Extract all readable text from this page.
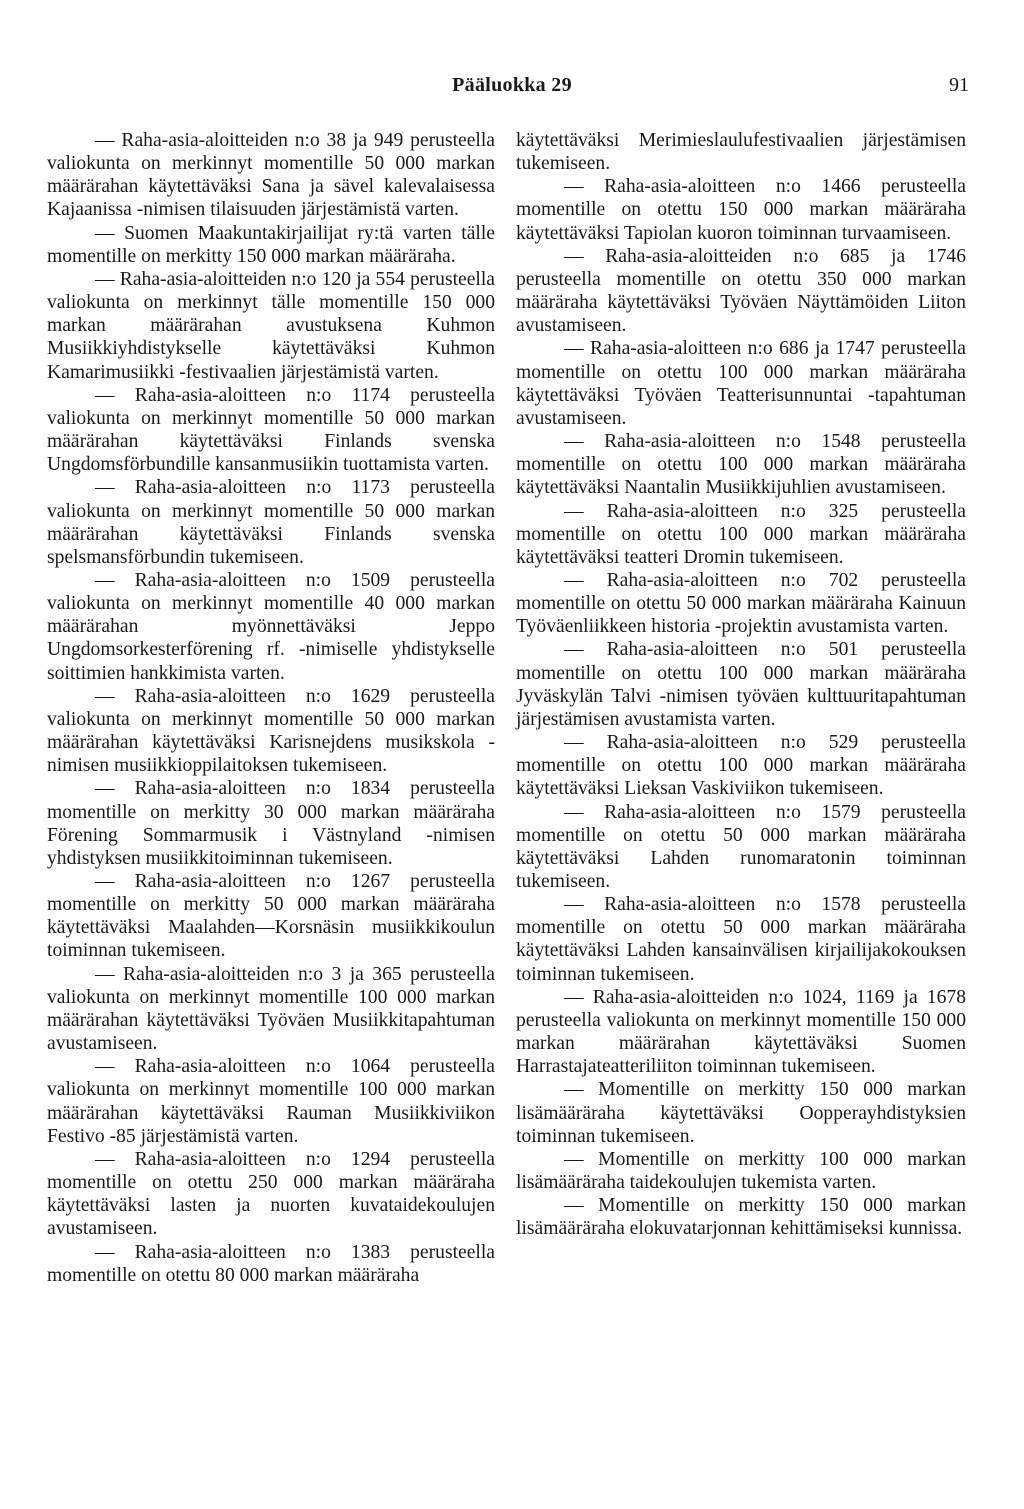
Pääluokka 29	91

— Raha-asia-aloitteiden n:o 38 ja 949 perusteella valiokunta on merkinnyt momentille 50 000 markan määrärahan käytettäväksi Sana ja sävel kalevalaisessa Kajaanissa -nimisen tilaisuuden järjestämistä varten.

— Suomen Maakuntakirjailijat ry:tä varten tälle momentille on merkitty 150 000 markan määräraha.

— Raha-asia-aloitteiden n:o 120 ja 554 perusteella valiokunta on merkinnyt tälle momentille 150 000 markan määrärahan avustuksena Kuhmon Musiikkiyhdistykselle käytettäväksi Kuhmon Kamarimusiikki -festivaalien järjestämistä varten.

— Raha-asia-aloitteen n:o 1174 perusteella valiokunta on merkinnyt momentille 50 000 markan määrärahan käytettäväksi Finlands svenska Ungdomsförbundille kansanmusiikin tuottamista varten.

— Raha-asia-aloitteen n:o 1173 perusteella valiokunta on merkinnyt momentille 50 000 markan määrärahan käytettäväksi Finlands svenska spelsmansförbundin tukemiseen.

— Raha-asia-aloitteen n:o 1509 perusteella valiokunta on merkinnyt momentille 40 000 markan määrärahan myönnettäväksi Jeppo Ungdomsorkesterförening rf. -nimiselle yhdistykselle soittimien hankkimista varten.

— Raha-asia-aloitteen n:o 1629 perusteella valiokunta on merkinnyt momentille 50 000 markan määrärahan käytettäväksi Karisnejdens musikskola -nimisen musiikkioppilaitoksen tukemiseen.

— Raha-asia-aloitteen n:o 1834 perusteella momentille on merkitty 30 000 markan määräraha Förening Sommarmusik i Västnyland -nimisen yhdistyksen musiikkitoiminnan tukemiseen.

— Raha-asia-aloitteen n:o 1267 perusteella momentille on merkitty 50 000 markan määräraha käytettäväksi Maalahden—Korsnäsin musiikkikoulun toiminnan tukemiseen.

— Raha-asia-aloitteiden n:o 3 ja 365 perusteella valiokunta on merkinnyt momentille 100 000 markan määrärahan käytettäväksi Työväen Musiikkitapahtuman avustamiseen.

— Raha-asia-aloitteen n:o 1064 perusteella valiokunta on merkinnyt momentille 100 000 markan määrärahan käytettäväksi Rauman Musiikkiviikon Festivo -85 järjestämistä varten.

— Raha-asia-aloitteen n:o 1294 perusteella momentille on otettu 250 000 markan määräraha käytettäväksi lasten ja nuorten kuvataidekoulujen avustamiseen.

— Raha-asia-aloitteen n:o 1383 perusteella momentille on otettu 80 000 markan määräraha

käytettäväksi Merimieslaulufestivaalien järjestämisen tukemiseen.

— Raha-asia-aloitteen n:o 1466 perusteella momentille on otettu 150 000 markan määräraha käytettäväksi Tapiolan kuoron toiminnan turvaamiseen.

— Raha-asia-aloitteiden n:o 685 ja 1746 perusteella momentille on otettu 350 000 markan määräraha käytettäväksi Työväen Näyttämöiden Liiton avustamiseen.

— Raha-asia-aloitteen n:o 686 ja 1747 perusteella momentille on otettu 100 000 markan määräraha käytettäväksi Työväen Teatterisunnuntai -tapahtuman avustamiseen.

— Raha-asia-aloitteen n:o 1548 perusteella momentille on otettu 100 000 markan määräraha käytettäväksi Naantalin Musiikkijuhlien avustamiseen.

— Raha-asia-aloitteen n:o 325 perusteella momentille on otettu 100 000 markan määräraha käytettäväksi teatteri Dromin tukemiseen.

— Raha-asia-aloitteen n:o 702 perusteella momentille on otettu 50 000 markan määräraha Kainuun Työväenliikkeen historia -projektin avustamista varten.

— Raha-asia-aloitteen n:o 501 perusteella momentille on otettu 100 000 markan määräraha Jyväskylän Talvi -nimisen työväen kulttuuritapahtuman järjestämisen avustamista varten.

— Raha-asia-aloitteen n:o 529 perusteella momentille on otettu 100 000 markan määräraha käytettäväksi Lieksan Vaskiviikon tukemiseen.

— Raha-asia-aloitteen n:o 1579 perusteella momentille on otettu 50 000 markan määräraha käytettäväksi Lahden runomaratonin toiminnan tukemiseen.

— Raha-asia-aloitteen n:o 1578 perusteella momentille on otettu 50 000 markan määräraha käytettäväksi Lahden kansainvälisen kirjailijakokouksen toiminnan tukemiseen.

— Raha-asia-aloitteiden n:o 1024, 1169 ja 1678 perusteella valiokunta on merkinnyt momentille 150 000 markan määrärahan käytettäväksi Suomen Harrastajateatteriliiton toiminnan tukemiseen.

— Momentille on merkitty 150 000 markan lisämääräraha käytettäväksi Oopperayhdistyksien toiminnan tukemiseen.

— Momentille on merkitty 100 000 markan lisämääräraha taidekoulujen tukemista varten.

— Momentille on merkitty 150 000 markan lisämääräraha elokuvatarjonnan kehittämiseksi kunnissa.
